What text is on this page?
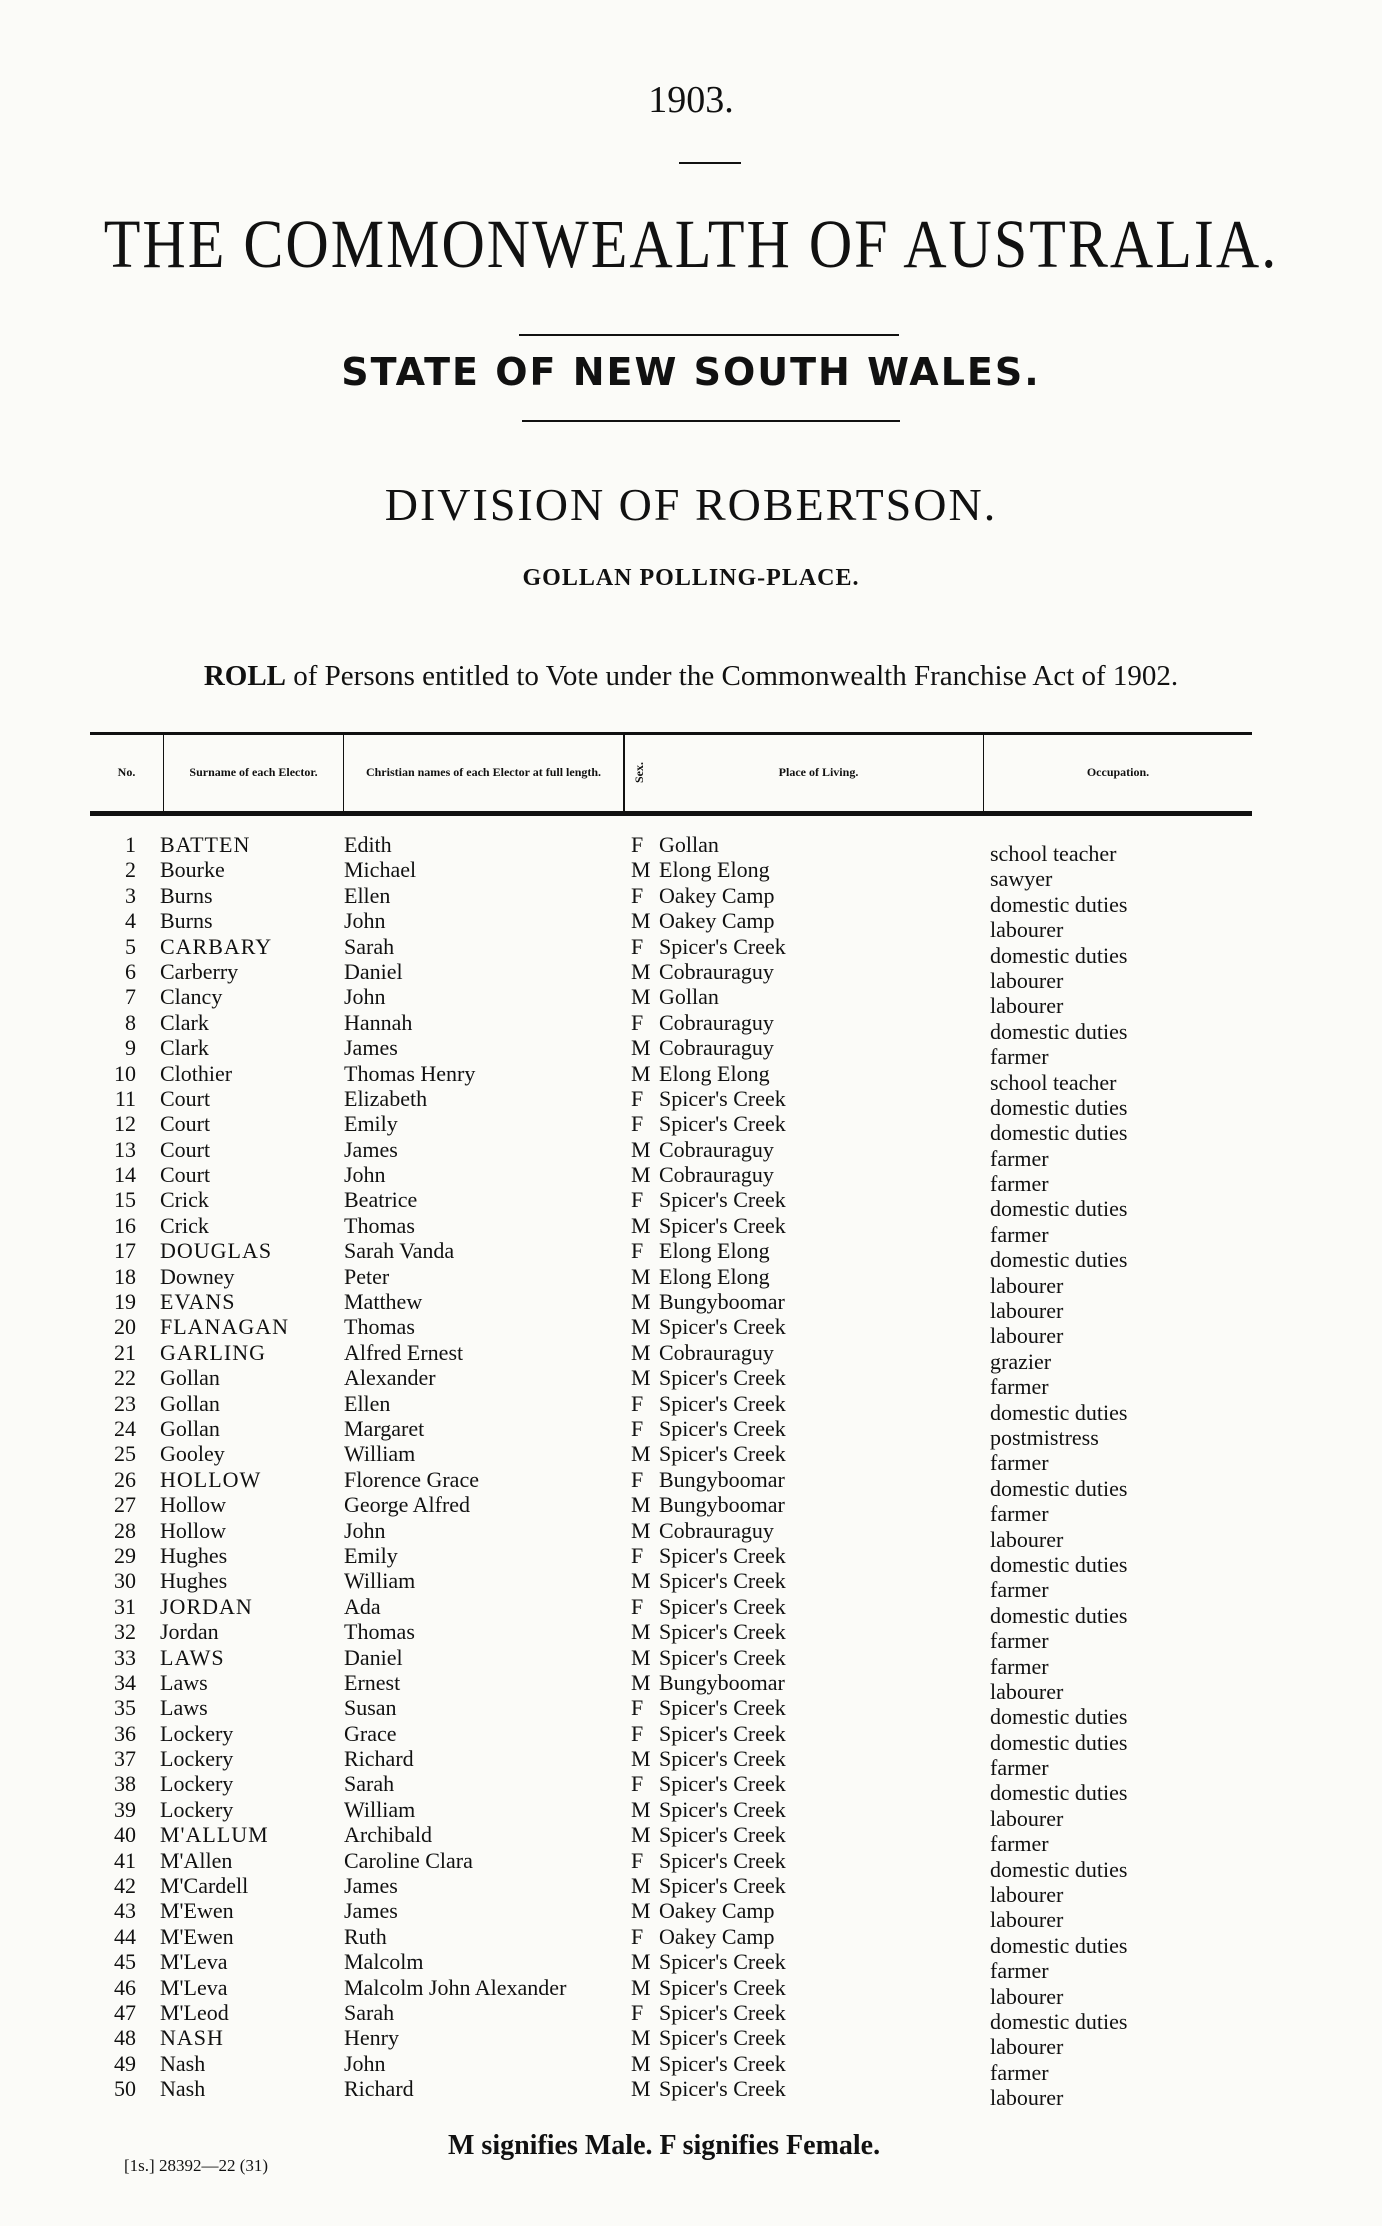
1903.
THE COMMONWEALTH OF AUSTRALIA.
STATE OF NEW SOUTH WALES.
DIVISION OF ROBERTSON.
GOLLAN POLLING-PLACE.
ROLL of Persons entitled to Vote under the Commonwealth Franchise Act of 1902.
No.	Surname of each Elector.	Christian names of each Elector at full length.	Sex.	Place of Living.	Occupation.
1 BATTEN	Edith	F Gollan	school teacher
2 Bourke	Michael	M Elong Elong	sawyer
3 Burns	Ellen	F Oakey Camp	domestic duties
4 Burns	John	M Oakey Camp	labourer
5 CARBARY	Sarah	F Spicer's Creek	domestic duties
6 Carberry	Daniel	M Cobrauraguy	labourer
7 Clancy	John	M Gollan	labourer
8 Clark	Hannah	F Cobrauraguy	domestic duties
9 Clark	James	M Cobrauraguy	farmer
10 Clothier	Thomas Henry	M Elong Elong	school teacher
11 Court	Elizabeth	F Spicer's Creek	domestic duties
12 Court	Emily	F Spicer's Creek	domestic duties
13 Court	James	M Cobrauraguy	farmer
14 Court	John	M Cobrauraguy	farmer
15 Crick	Beatrice	F Spicer's Creek	domestic duties
16 Crick	Thomas	M Spicer's Creek	farmer
17 DOUGLAS	Sarah Vanda	F Elong Elong	domestic duties
18 Downey	Peter	M Elong Elong	labourer
19 EVANS	Matthew	M Bungyboomar	labourer
20 FLANAGAN	Thomas	M Spicer's Creek	labourer
21 GARLING	Alfred Ernest	M Cobrauraguy	grazier
22 Gollan	Alexander	M Spicer's Creek	farmer
23 Gollan	Ellen	F Spicer's Creek	domestic duties
24 Gollan	Margaret	F Spicer's Creek	postmistress
25 Gooley	William	M Spicer's Creek	farmer
26 HOLLOW	Florence Grace	F Bungyboomar	domestic duties
27 Hollow	George Alfred	M Bungyboomar	farmer
28 Hollow	John	M Cobrauraguy	labourer
29 Hughes	Emily	F Spicer's Creek	domestic duties
30 Hughes	William	M Spicer's Creek	farmer
31 JORDAN	Ada	F Spicer's Creek	domestic duties
32 Jordan	Thomas	M Spicer's Creek	farmer
33 LAWS	Daniel	M Spicer's Creek	farmer
34 Laws	Ernest	M Bungyboomar	labourer
35 Laws	Susan	F Spicer's Creek	domestic duties
36 Lockery	Grace	F Spicer's Creek	domestic duties
37 Lockery	Richard	M Spicer's Creek	farmer
38 Lockery	Sarah	F Spicer's Creek	domestic duties
39 Lockery	William	M Spicer's Creek	labourer
40 M'ALLUM	Archibald	M Spicer's Creek	farmer
41 M'Allen	Caroline Clara	F Spicer's Creek	domestic duties
42 M'Cardell	James	M Spicer's Creek	labourer
43 M'Ewen	James	M Oakey Camp	labourer
44 M'Ewen	Ruth	F Oakey Camp	domestic duties
45 M'Leva	Malcolm	M Spicer's Creek	farmer
46 M'Leva	Malcolm John Alexander	M Spicer's Creek	labourer
47 M'Leod	Sarah	F Spicer's Creek	domestic duties
48 NASH	Henry	M Spicer's Creek	labourer
49 Nash	John	M Spicer's Creek	farmer
50 Nash	Richard	M Spicer's Creek	labourer
M signifies Male. F signifies Female.
[1s.] 28392—22 (31)
